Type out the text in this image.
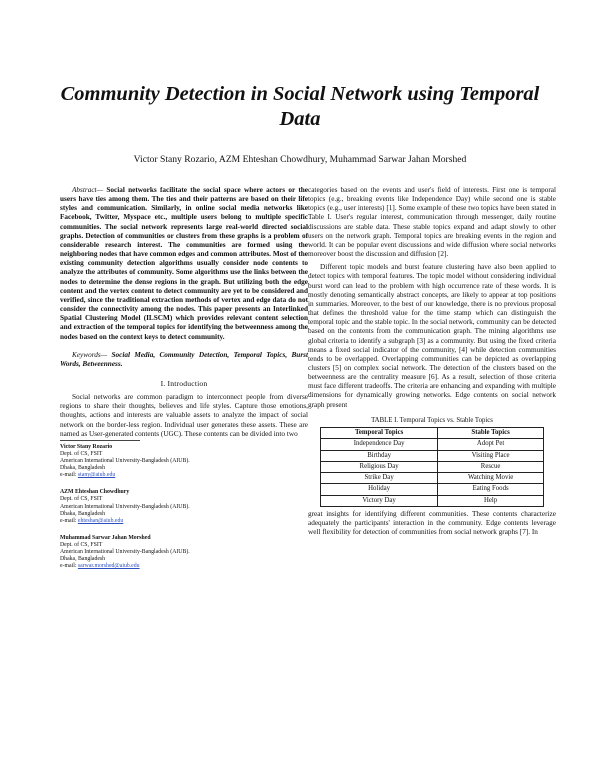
Community Detection in Social Network using Temporal Data
Victor Stany Rozario, AZM Ehteshan Chowdhury, Muhammad Sarwar Jahan Morshed

Abstract— Social networks facilitate the social space where actors or the users have ties among them. The ties and their patterns are based on their life styles and communication. Similarly, in online social media networks like Facebook, Twitter, Myspace etc., multiple users belong to multiple specific communities. The social network represents large real-world directed social graphs. Detection of communities or clusters from these graphs is a problem of considerable research interest. The communities are formed using the neighboring nodes that have common edges and common attributes. Most of the existing community detection algorithms usually consider node contents to analyze the attributes of community. Some algorithms use the links between the nodes to determine the dense regions in the graph. But utilizing both the edge content and the vertex content to detect community are yet to be considered and verified, since the traditional extraction methods of vertex and edge data do not consider the connectivity among the nodes. This paper presents an Interlinked Spatial Clustering Model (ILSCM) which provides relevant content selection and extraction of the temporal topics for identifying the betweenness among the nodes based on the context keys to detect community.

Keywords— Social Media, Community Detection, Temporal Topics, Burst Words, Betweenness.

I. Introduction

Social networks are common paradigm to interconnect people from diverse regions to share their thoughts, believes and life styles. Capture those emotions, thoughts, actions and interests are valuable assets to analyze the impact of social network on the border-less region. Individual user generates these assets. These are named as User-generated contents (UGC). These contents can be divided into two

Victor Stany Rozario
Dept. of CS, FSIT
American International University-Bangladesh (AIUB).
Dhaka, Bangladesh
e-mail: stany@aiub.edu
AZM Ehteshan Chowdhury
Dept. of CS, FSIT
American International University-Bangladesh (AIUB).
Dhaka, Bangladesh
e-mail: ehteshan@aiub.edu
Muhammad Sarwar Jahan Morshed
Dept. of CS, FSIT
American International University-Bangladesh (AIUB).
Dhaka, Bangladesh
e-mail: sarwar.morshed@aiub.edu

categories based on the events and user's field of interests. First one is temporal topics (e.g., breaking events like Independence Day) while second one is stable topics (e.g., user interests) [1]. Some example of these two topics have been stated in Table I. User's regular interest, communication through messenger, daily routine discussions are stable data. These stable topics expand and adapt slowly to other users on the network graph. Temporal topics are breaking events in the region and world. It can be popular event discussions and wide diffusion where social networks moreover boost the discussion and diffusion [2].

Different topic models and burst feature clustering have also been applied to detect topics with temporal features. The topic model without considering individual burst word can lead to the problem with high occurrence rate of these words. It is mostly denoting semantically abstract concepts, are likely to appear at top positions in summaries. Moreover, to the best of our knowledge, there is no previous proposal that defines the threshold value for the time stamp which can distinguish the temporal topic and the stable topic. In the social network, community can be detected based on the contents from the communication graph. The mining algorithms use global criteria to identify a subgraph [3] as a community. But using the fixed criteria means a fixed social indicator of the community, [4] while detection communities tends to be overlapped. Overlapping communities can be depicted as overlapping clusters [5] on complex social network. The detection of the clusters based on the betweenness are the centrality measure [6]. As a result, selection of those criteria must face different tradeoffs. The criteria are enhancing and expanding with multiple dimensions for dynamically growing networks. Edge contents on social network graph present

TABLE I. Temporal Topics vs. Stable Topics
Temporal Topics	Stable Topics
Independence Day	Adopt Pet
Birthday	Visiting Place
Religious Day	Rescue
Strike Day	Watching Movie
Holiday	Eating Foods
Victory Day	Help

great insights for identifying different communities. These contents characterize adequately the participants' interaction in the community. Edge contents leverage well flexibility for detection of communities from social network graphs [7]. In
